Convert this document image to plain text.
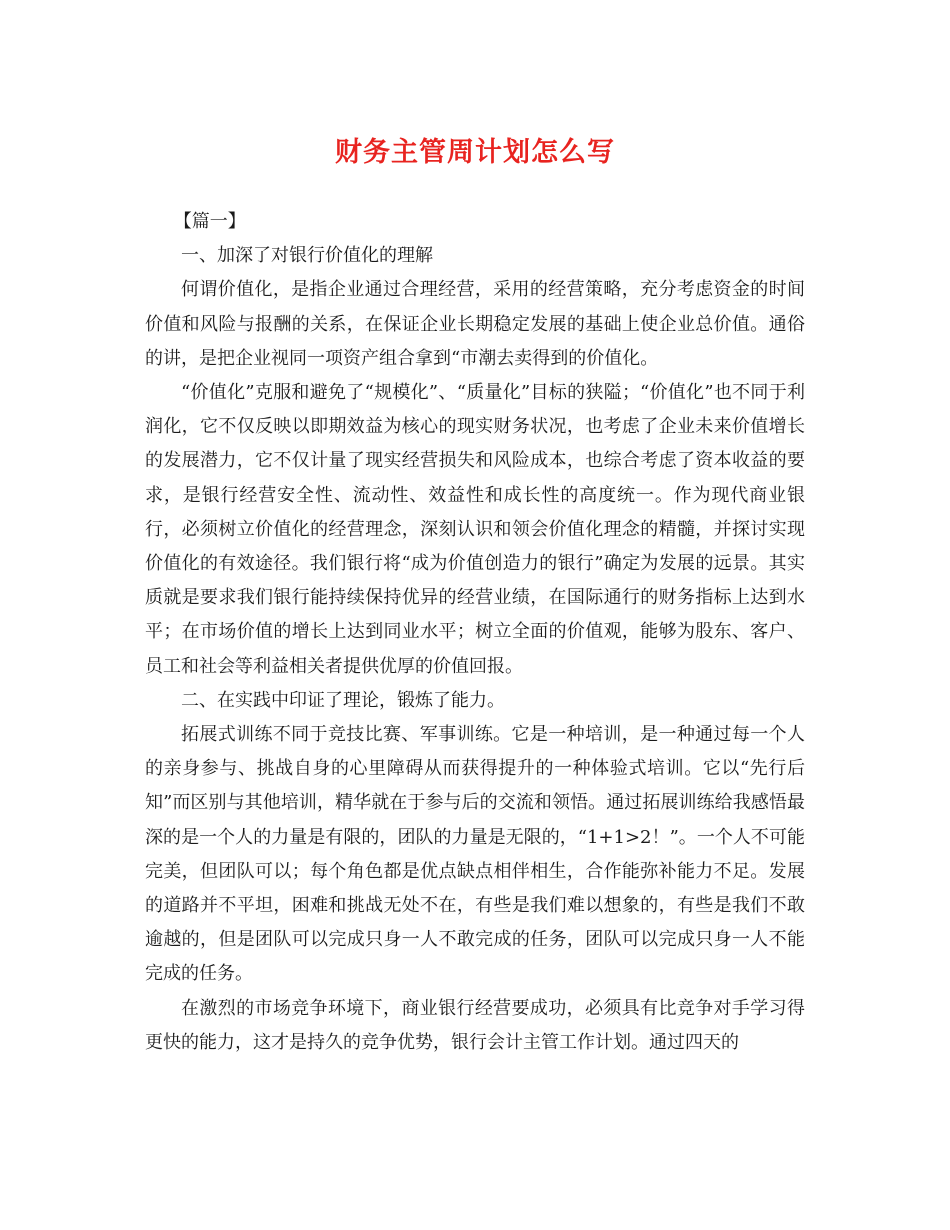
财务主管周计划怎么写

【篇一】

一、加深了对银行价值化的理解

何谓价值化，是指企业通过合理经营，采用的经营策略，充分考虑资金的时间价值和风险与报酬的关系，在保证企业长期稳定发展的基础上使企业总价值。通俗的讲，是把企业视同一项资产组合拿到“市潮去卖得到的价值化。

“价值化”克服和避免了“规模化”、“质量化”目标的狭隘；“价值化”也不同于利润化，它不仅反映以即期效益为核心的现实财务状况，也考虑了企业未来价值增长的发展潜力，它不仅计量了现实经营损失和风险成本，也综合考虑了资本收益的要求，是银行经营安全性、流动性、效益性和成长性的高度统一。作为现代商业银行，必须树立价值化的经营理念，深刻认识和领会价值化理念的精髓，并探讨实现价值化的有效途径。我们银行将“成为价值创造力的银行”确定为发展的远景。其实质就是要求我们银行能持续保持优异的经营业绩，在国际通行的财务指标上达到水平；在市场价值的增长上达到同业水平；树立全面的价值观，能够为股东、客户、员工和社会等利益相关者提供优厚的价值回报。

二、在实践中印证了理论，锻炼了能力。

拓展式训练不同于竞技比赛、军事训练。它是一种培训，是一种通过每一个人的亲身参与、挑战自身的心里障碍从而获得提升的一种体验式培训。它以“先行后知”而区别与其他培训，精华就在于参与后的交流和领悟。通过拓展训练给我感悟最深的是一个人的力量是有限的，团队的力量是无限的，“1+1>2！”。一个人不可能完美，但团队可以；每个角色都是优点缺点相伴相生，合作能弥补能力不足。发展的道路并不平坦，困难和挑战无处不在，有些是我们难以想象的，有些是我们不敢逾越的，但是团队可以完成只身一人不敢完成的任务，团队可以完成只身一人不能完成的任务。

在激烈的市场竞争环境下，商业银行经营要成功，必须具有比竞争对手学习得更快的能力，这才是持久的竞争优势，银行会计主管工作计划。通过四天的
